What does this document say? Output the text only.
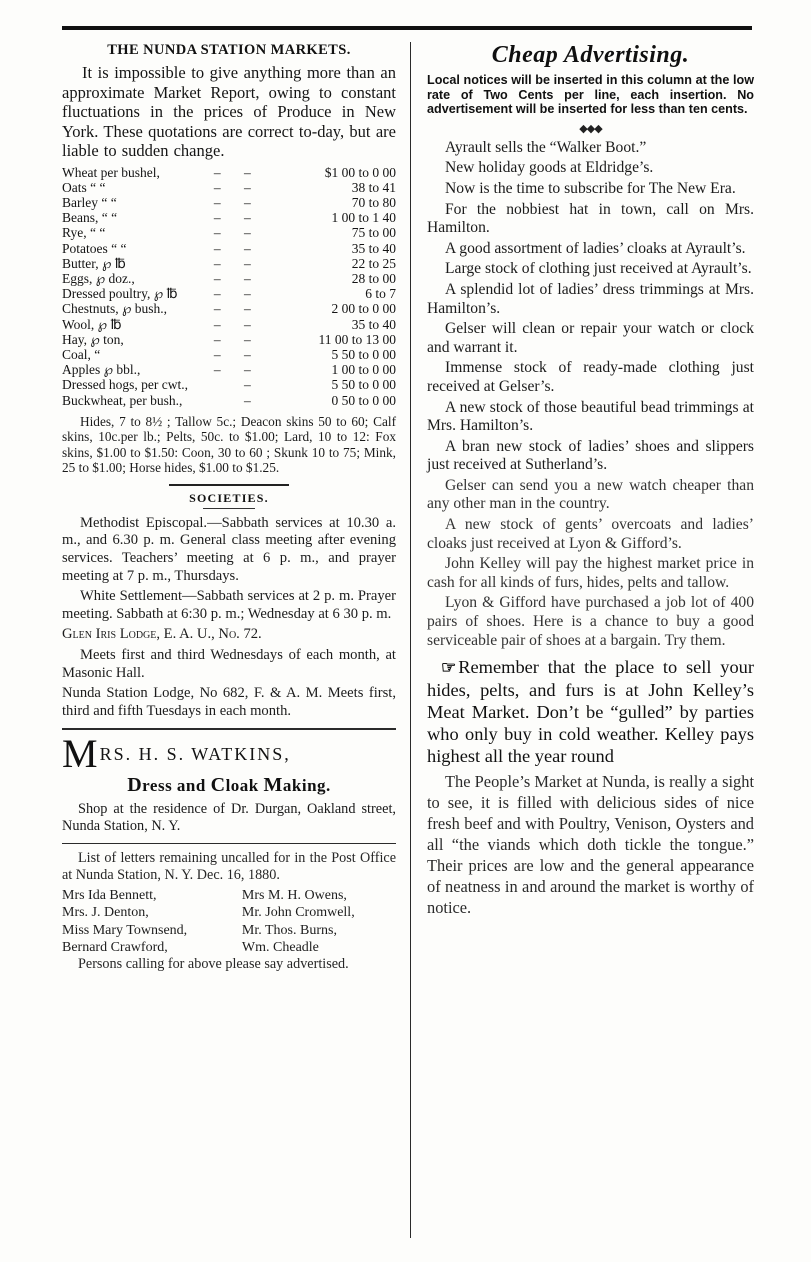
THE NUNDA STATION MARKETS.

It is impossible to give anything more than an approximate Market Report, owing to constant fluctuations in the prices of Produce in New York. These quotations are correct to-day, but are liable to sudden change.

Wheat per bushel,	–	–	$1 00 to 0 00
Oats “ “	–	–	38 to 41
Barley “ “	–	–	70 to 80
Beans, “ “	–	–	1 00 to 1 40
Rye, “ “	–	–	75 to 00
Potatoes “ “	–	–	35 to 40
Butter, ℘ ℔	–	–	22 to 25
Eggs, ℘ doz.,	–	–	28 to 00
Dressed poultry, ℘ ℔	–	–	6 to 7
Chestnuts, ℘ bush.,	–	–	2 00 to 0 00
Wool, ℘ ℔	–	–	35 to 40
Hay, ℘ ton,	–	–	11 00 to 13 00
Coal, “	–	–	5 50 to 0 00
Apples ℘ bbl.,	–	–	1 00 to 0 00
Dressed hogs, per cwt.,		–	5 50 to 0 00
Buckwheat, per bush.,		–	0 50 to 0 00

Hides, 7 to 8½ ; Tallow 5c.; Deacon skins 50 to 60; Calf skins, 10c.per lb.; Pelts, 50c. to $1.00; Lard, 10 to 12: Fox skins, $1.00 to $1.50: Coon, 30 to 60 ; Skunk 10 to 75; Mink, 25 to $1.00; Horse hides, $1.00 to $1.25.

SOCIETIES.

Methodist Episcopal.—Sabbath services at 10.30 a. m., and 6.30 p. m. General class meeting after evening services. Teachers’ meeting at 6 p. m., and prayer meeting at 7 p. m., Thursdays.

White Settlement—Sabbath services at 2 p. m. Prayer meeting. Sabbath at 6:30 p. m.; Wednesday at 6 30 p. m.

Glen Iris Lodge, E. A. U., No. 72.

Meets first and third Wednesdays of each month, at Masonic Hall.

Nunda Station Lodge, No 682, F. & A. M. Meets first, third and fifth Tuesdays in each month.

M RS. H. S. WATKINS,
Dress and Cloak Making.

Shop at the residence of Dr. Durgan, Oakland street, Nunda Station, N. Y.

List of letters remaining uncalled for in the Post Office at Nunda Station, N. Y. Dec. 16, 1880.

Mrs Ida Bennett,	Mrs M. H. Owens,
Mrs. J. Denton,	Mr. John Cromwell,
Miss Mary Townsend,	Mr. Thos. Burns,
Bernard Crawford,	Wm. Cheadle

Persons calling for above please say advertised.

Cheap Advertising.

Local notices will be inserted in this column at the low rate of Two Cents per line, each insertion. No advertisement will be inserted for less than ten cents.

◆◆◆

Ayrault sells the “Walker Boot.”

New holiday goods at Eldridge’s.

Now is the time to subscribe for The New Era.

For the nobbiest hat in town, call on Mrs. Hamilton.

A good assortment of ladies’ cloaks at Ayrault’s.

Large stock of clothing just received at Ayrault’s.

A splendid lot of ladies’ dress trimmings at Mrs. Hamilton’s.

Gelser will clean or repair your watch or clock and warrant it.

Immense stock of ready-made clothing just received at Gelser’s.

A new stock of those beautiful bead trimmings at Mrs. Hamilton’s.

A bran new stock of ladies’ shoes and slippers just received at Sutherland’s.

Gelser can send you a new watch cheaper than any other man in the country.

A new stock of gents’ overcoats and ladies’ cloaks just received at Lyon & Gifford’s.

John Kelley will pay the highest market price in cash for all kinds of furs, hides, pelts and tallow.

Lyon & Gifford have purchased a job lot of 400 pairs of shoes. Here is a chance to buy a good serviceable pair of shoes at a bargain. Try them.

☞ Remember that the place to sell your hides, pelts, and furs is at John Kelley’s Meat Market. Don’t be “gulled” by parties who only buy in cold weather. Kelley pays highest all the year round

The People’s Market at Nunda, is really a sight to see, it is filled with delicious sides of nice fresh beef and with Poultry, Venison, Oysters and all “the viands which doth tickle the tongue.” Their prices are low and the general appearance of neatness in and around the market is worthy of notice.
